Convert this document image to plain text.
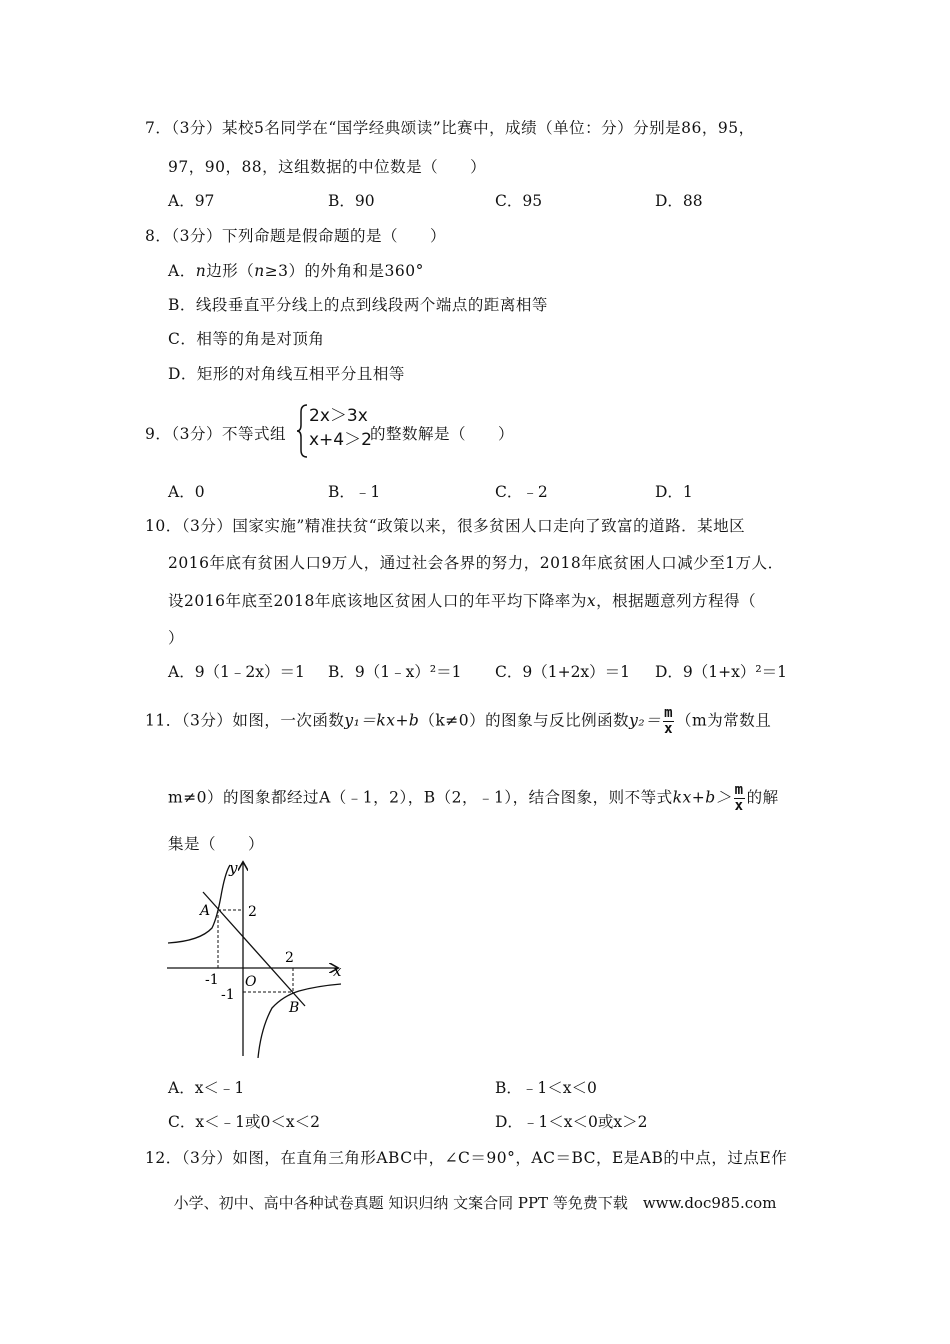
7．（3分）某校5名同学在“国学经典颂读”比赛中，成绩（单位：分）分别是86，95，
97，90，88，这组数据的中位数是（　　）
A．97	B．90	C．95	D．88
8．（3分）下列命题是假命题的是（　　）
A．n边形（n≥3）的外角和是360°
B．线段垂直平分线上的点到线段两个端点的距离相等
C．相等的角是对顶角
D．矩形的对角线互相平分且相等
9．（3分）不等式组
2x＞3x
x+4＞2
的整数解是（　　）
A．0	B．﹣1	C．﹣2	D．1
10．（3分）国家实施”精准扶贫“政策以来，很多贫困人口走向了致富的道路．某地区
2016年底有贫困人口9万人，通过社会各界的努力，2018年底贫困人口减少至1万人．
设2016年底至2018年底该地区贫困人口的年平均下降率为x，根据题意列方程得（
）
A．9（1﹣2x）＝1 B．9（1﹣x）²＝1 C．9（1+2x）＝1 D．9（1+x）²＝1
11．（3分）如图，一次函数y₁＝kx+b（k≠0）的图象与反比例函数$y_2= \frac{m}{x} (m$为常数且
m≠0）的图象都经过A（﹣1，2），B（2，﹣1），结合图象，则不等式$kx+b> \frac{m}{x}$ 的解
集是（　　）
x
y
O
2
-1
2
-1
A
B
A．x＜﹣1	B．﹣1＜x＜0
C．x＜﹣1或0＜x＜2	D．﹣1＜x＜0或x＞2
12．（3分）如图，在直角三角形ABC中，∠C＝90°，AC＝BC，E是AB的中点，过点E作
小学、初中、高中各种试卷真题 知识归纳 文案合同 PPT 等免费下载　www.doc985.com
